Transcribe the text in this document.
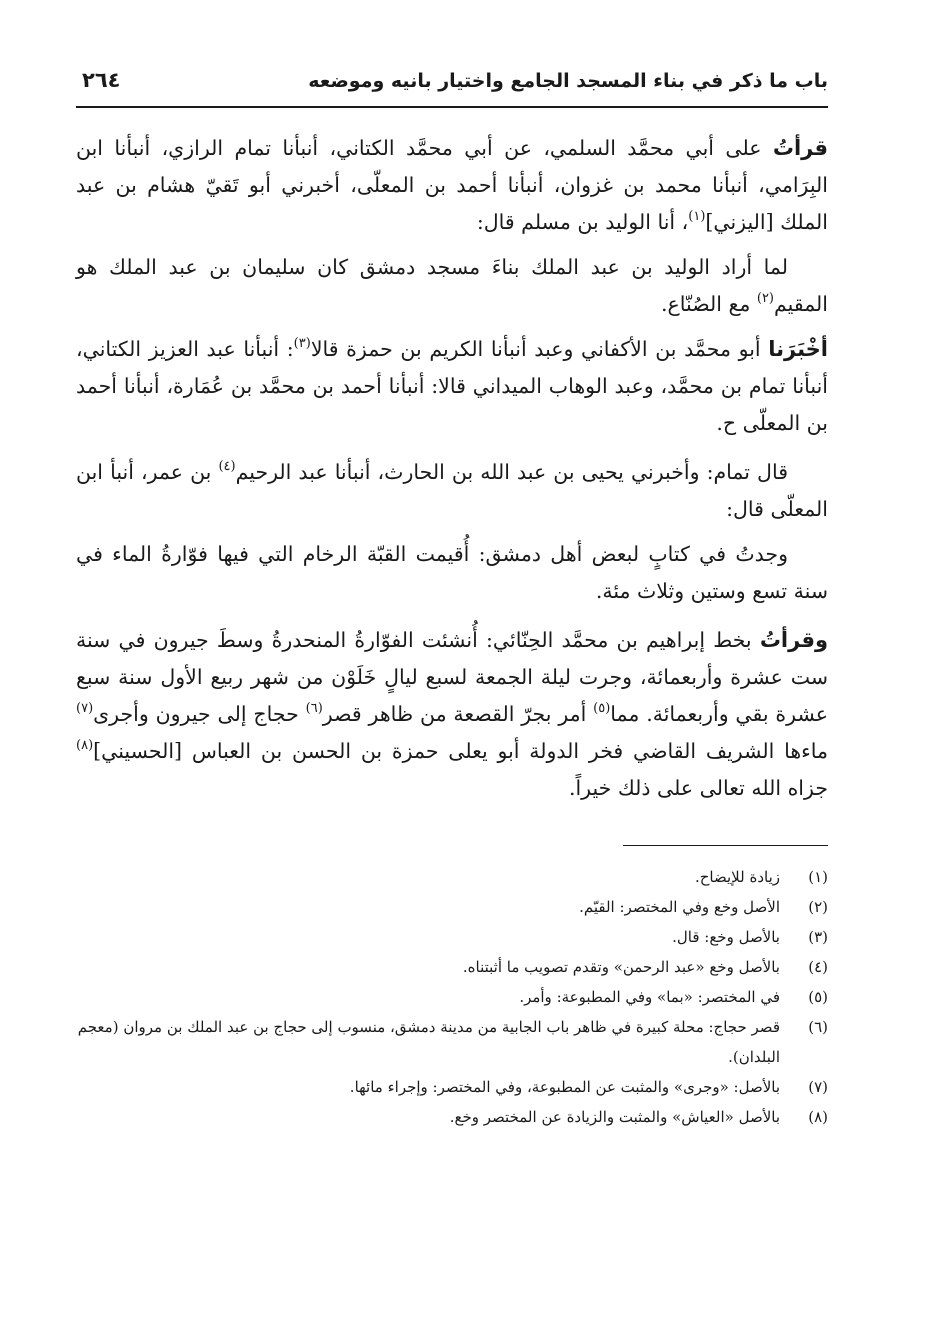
باب ما ذكر في بناء المسجد الجامع واختيار بانيه وموضعه
٢٦٤

قرأتُ على أبي محمَّد السلمي، عن أبي محمَّد الكتاني، أنبأنا تمام الرازي، أنبأنا ابن البِرَامي، أنبأنا محمد بن غزوان، أنبأنا أحمد بن المعلّى، أخبرني أبو تَقيّ هشام بن عبد الملك [اليزني]$^{(١)}$، أنا الوليد بن مسلم قال:

لما أراد الوليد بن عبد الملك بناءَ مسجد دمشق كان سليمان بن عبد الملك هو المقيم$^{(٢)}$ مع الصُنّاع.

أخْبَرَنا أبو محمَّد بن الأكفاني وعبد أنبأنا الكريم بن حمزة قالا$^{(٣)}$: أنبأنا عبد العزيز الكتاني، أنبأنا تمام بن محمَّد، وعبد الوهاب الميداني قالا: أنبأنا أحمد بن محمَّد بن عُمَارة، أنبأنا أحمد بن المعلّى ح.

قال تمام: وأخبرني يحيى بن عبد الله بن الحارث، أنبأنا عبد الرحيم$^{(٤)}$ بن عمر، أنبأ ابن المعلّى قال:

وجدتُ في كتابٍ لبعض أهل دمشق: أُقيمت القبّة الرخام التي فيها فوّارةُ الماء في سنة تسع وستين وثلاث مئة.

وقرأتُ بخط إبراهيم بن محمَّد الحِنّائي: أُنشئت الفوّارةُ المنحدرةُ وسطَ جيرون في سنة ست عشرة وأربعمائة، وجرت ليلة الجمعة لسبع ليالٍ خَلَوْن من شهر ربيع الأول سنة سبع عشرة بقي وأربعمائة. مما$^{(٥)}$ أمر بجرّ القصعة من ظاهر قصر$^{(٦)}$ حجاج إلى جيرون وأجرى$^{(٧)}$ ماءها الشريف القاضي فخر الدولة أبو يعلى حمزة بن الحسن بن العباس [الحسيني]$^{(٨)}$ جزاه الله تعالى على ذلك خيراً.

(١)
زيادة للإيضاح.
(٢)
الأصل وخع وفي المختصر: القيّم.
(٣)
بالأصل وخع: قال.
(٤)
بالأصل وخع «عبد الرحمن» وتقدم تصويب ما أثبتناه.
(٥)
في المختصر: «بما» وفي المطبوعة: وأمر.
(٦)
قصر حجاج: محلة كبيرة في ظاهر باب الجابية من مدينة دمشق، منسوب إلى حجاج بن عبد الملك بن مروان (معجم البلدان).
(٧)
بالأصل: «وجرى» والمثبت عن المطبوعة، وفي المختصر: وإجراء مائها.
(٨)
بالأصل «العياش» والمثبت والزيادة عن المختصر وخع.
